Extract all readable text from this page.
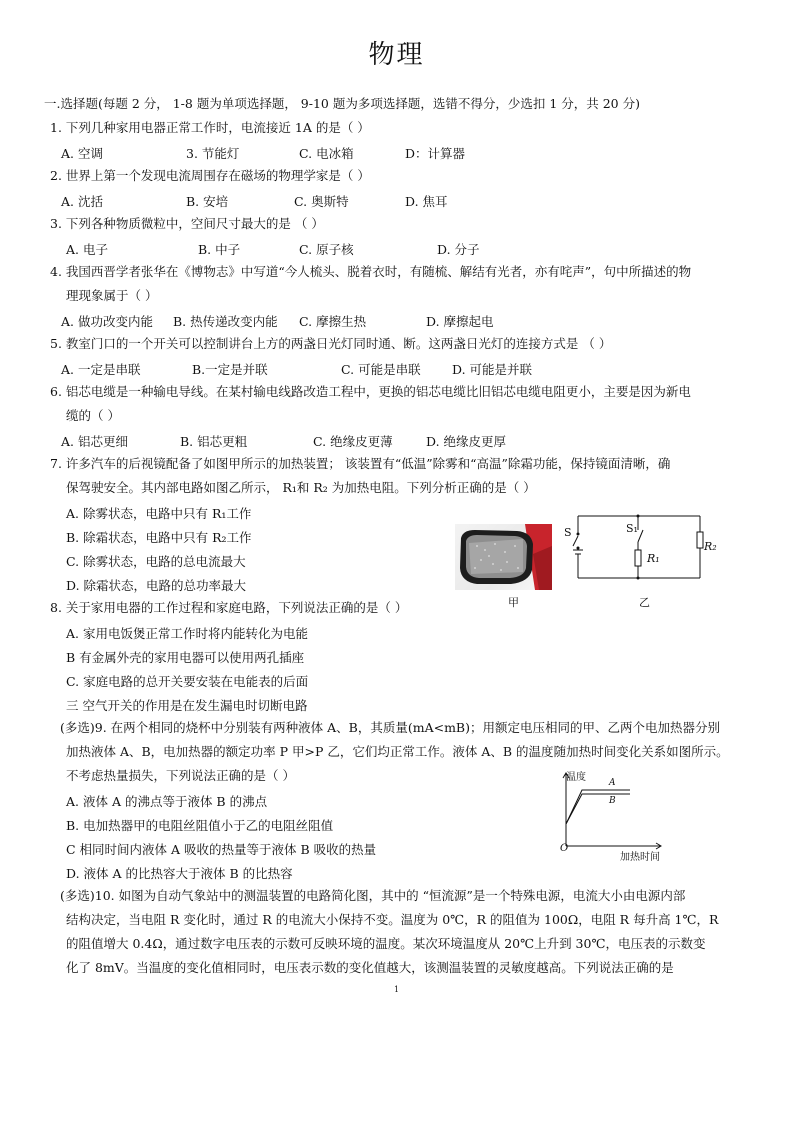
物理
一.选择题(每题 2 分， 1-8 题为单项选择题， 9-10 题为多项选择题，选错不得分，少选扣 1 分，共 20 分)
1. 下列几种家用电器正常工作时，电流接近 1A 的是（ ）
A. 空调	3. 节能灯	C. 电冰箱	D：计算器
2. 世界上第一个发现电流周围存在磁场的物理学家是（ ）
A. 沈括	B. 安培	C. 奥斯特	D. 焦耳
3. 下列各种物质微粒中，空间尺寸最大的是 （ ）
A. 电子	B. 中子	C. 原子核	D. 分子
4. 我国西晋学者张华在《博物志》中写道“今人梳头、脱着衣时，有随梳、解结有光者，亦有咤声”，句中所描述的物
理现象属于（ ）
A. 做功改变内能 B. 热传递改变内能 C. 摩擦生热	D. 摩擦起电
5. 教室门口的一个开关可以控制讲台上方的两盏日光灯同时通、断。这两盏日光灯的连接方式是 （ ）
A. 一定是串联	B.一定是并联	C. 可能是串联	D. 可能是并联
6. 铝芯电缆是一种输电导线。在某村输电线路改造工程中，更换的铝芯电缆比旧铝芯电缆电阻更小，主要是因为新电
缆的（ ）
A. 铝芯更细	B. 铝芯更粗	C. 绝缘皮更薄	D. 绝缘皮更厚
7. 许多汽车的后视镜配备了如图甲所示的加热装置； 该装置有“低温”除雾和“高温”除霜功能，保持镜面清晰，确
保驾驶安全。其内部电路如图乙所示， R₁和 R₂ 为加热电阻。下列分析正确的是（ ）
A. 除雾状态，电路中只有 R₁工作
B. 除霜状态，电路中只有 R₂工作
C. 除雾状态，电路的总电流最大
D. 除霜状态，电路的总功率最大
甲
S	S₁
R₁
R₂
乙
8. 关于家用电器的工作过程和家庭电路，下列说法正确的是（ ）
A. 家用电饭煲正常工作时将内能转化为电能
B 有金属外壳的家用电器可以使用两孔插座
C. 家庭电路的总开关要安装在电能表的后面
三 空气开关的作用是在发生漏电时切断电路
(多选)9. 在两个相同的烧杯中分别装有两种液体 A、B，其质量(mA<mB)；用额定电压相同的甲、乙两个电加热器分别
加热液体 A、B，电加热器的额定功率 P 甲>P 乙，它们均正常工作。液体 A、B 的温度随加热时间变化关系如图所示。
不考虑热量损失，下列说法正确的是（ ）
A. 液体 A 的沸点等于液体 B 的沸点
B. 电加热器甲的电阻丝阻值小于乙的电阻丝阻值
C 相同时间内液体 A 吸收的热量等于液体 B 吸收的热量
D. 液体 A 的比热容大于液体 B 的比热容
温度	A
B
O
加热时间
(多选)10. 如图为自动气象站中的测温装置的电路简化图，其中的 “恒流源”是一个特殊电源，电流大小由电源内部
结构决定，当电阻 R 变化时，通过 R 的电流大小保持不变。温度为 0℃，R 的阻值为 100Ω，电阻 R 每升高 1℃，R
的阻值增大 0.4Ω，通过数字电压表的示数可反映环境的温度。某次环境温度从 20℃上升到 30℃，电压表的示数变
化了 8mV。当温度的变化值相同时，电压表示数的变化值越大，该测温装置的灵敏度越高。下列说法正确的是
1
